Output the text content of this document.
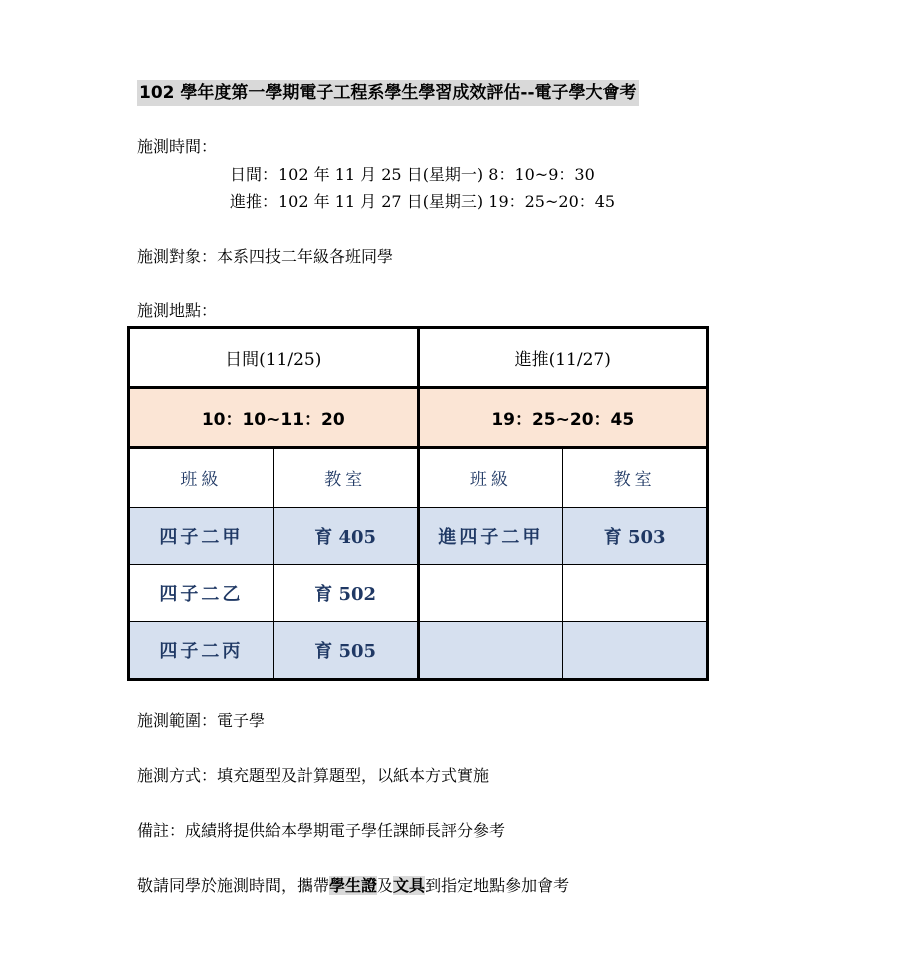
102 學年度第一學期電子工程系學生學習成效評估--電子學大會考
施測時間：
日間：102 年 11 月 25 日(星期一) 8：10~9：30
進推：102 年 11 月 27 日(星期三) 19：25~20：45
施測對象：本系四技二年級各班同學
施測地點：
日間(11/25)		進推(11/27)	
10：10~11：20		19：25~20：45	
班級	教室	班級	教室
四子二甲	育 405	進四子二甲	育 503
四子二乙	育 502		
四子二丙	育 505		
施測範圍：電子學
施測方式：填充題型及計算題型，以紙本方式實施
備註：成績將提供給本學期電子學任課師長評分參考
敬請同學於施測時間，攜帶學生證及文具到指定地點參加會考
